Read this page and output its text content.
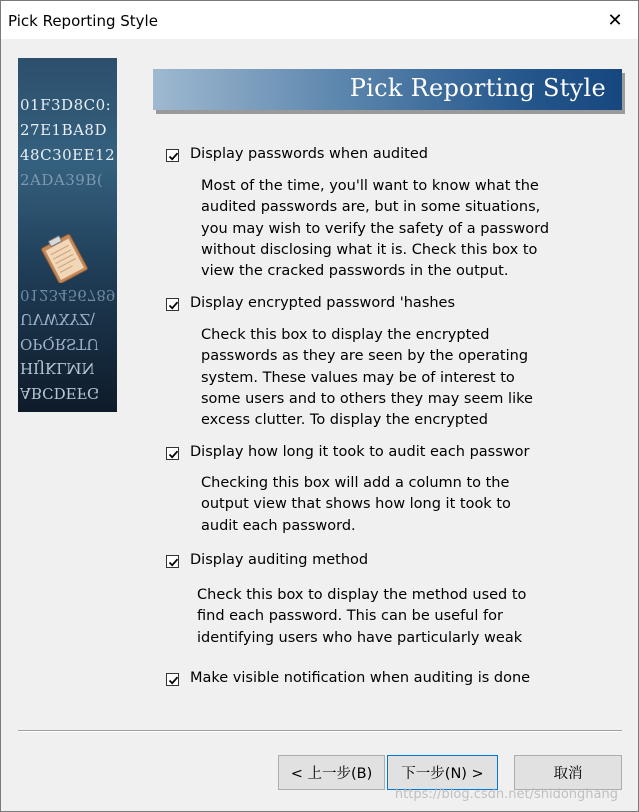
Pick Reporting Style	✕
01F3D8C0:
27E1BA8D
48C30EE12
2ADA39B(
0123456789
UVWXYZ\
OPQRSTU
HIJKLMN
ABCDEFG
Pick Reporting Style
Display passwords when audited
Most of the time, you'll want to know what the
audited passwords are, but in some situations,
you may wish to verify the safety of a password
without disclosing what it is. Check this box to
view the cracked passwords in the output.
Display encrypted password 'hashes
Check this box to display the encrypted
passwords as they are seen by the operating
system. These values may be of interest to
some users and to others they may seem like
excess clutter. To display the encrypted
Display how long it took to audit each passwor
Checking this box will add a column to the
output view that shows how long it took to
audit each password.
Display auditing method
Check this box to display the method used to
find each password. This can be useful for
identifying users who have particularly weak
Make visible notification when auditing is done
< 上一步(B)	下一步(N) >	取消
https://blog.csdn.net/shidonghang
